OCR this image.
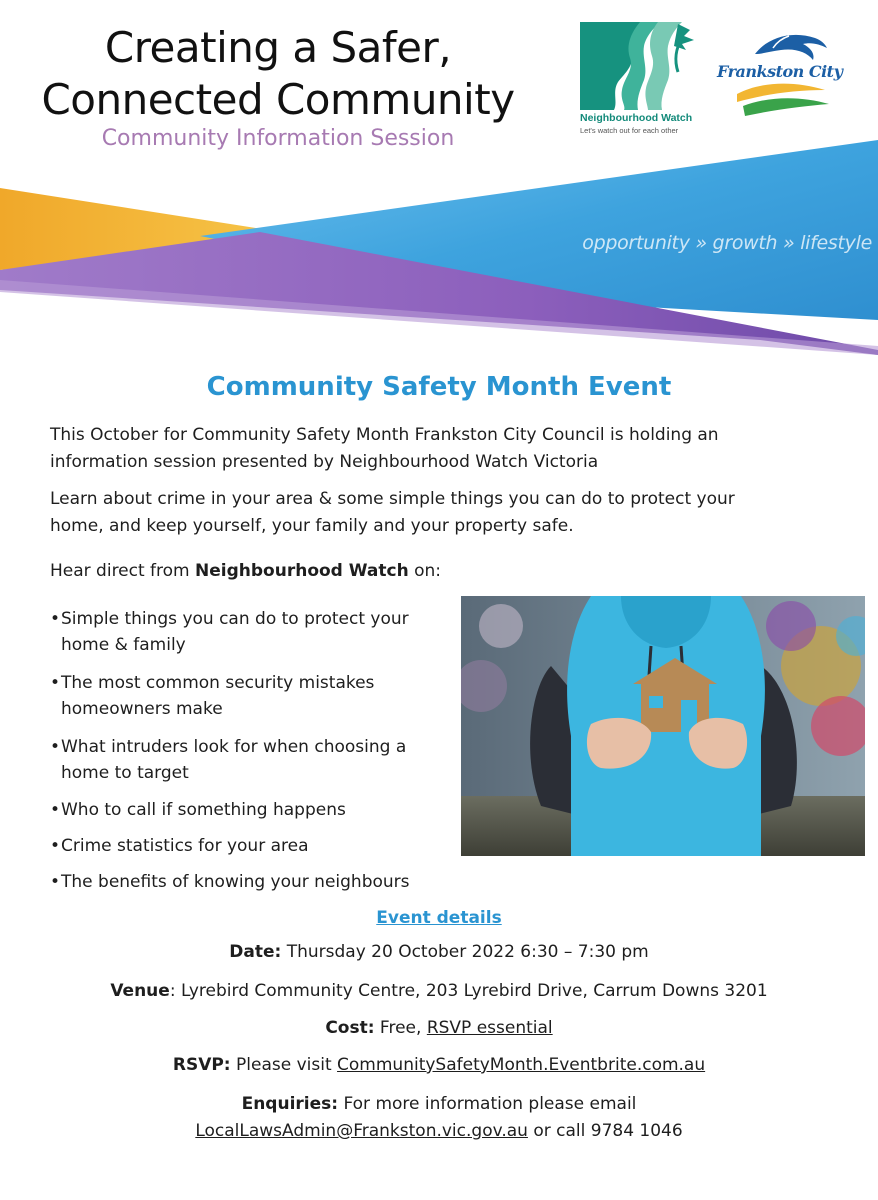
Creating a Safer,
Connected Community
Community Information Session
Neighbourhood Watch
Let's watch out for each other
Frankston City
opportunity » growth » lifestyle
Community Safety Month Event
This October for Community Safety Month Frankston City Council is holding an
information session presented by Neighbourhood Watch Victoria
Learn about crime in your area & some simple things you can do to protect your
home, and keep yourself, your family and your property safe.
Hear direct from Neighbourhood Watch on:
• Simple things you can do to protect your
home & family
• The most common security mistakes
homeowners make
• What intruders look for when choosing a
home to target
• Who to call if something happens
• Crime statistics for your area
• The benefits of knowing your neighbours
Event details
Date: Thursday 20 October 2022 6:30 – 7:30 pm
Venue: Lyrebird Community Centre, 203 Lyrebird Drive, Carrum Downs 3201
Cost: Free, RSVP essential
RSVP: Please visit CommunitySafetyMonth.Eventbrite.com.au
Enquiries: For more information please email
LocalLawsAdmin@Frankston.vic.gov.au or call 9784 1046
